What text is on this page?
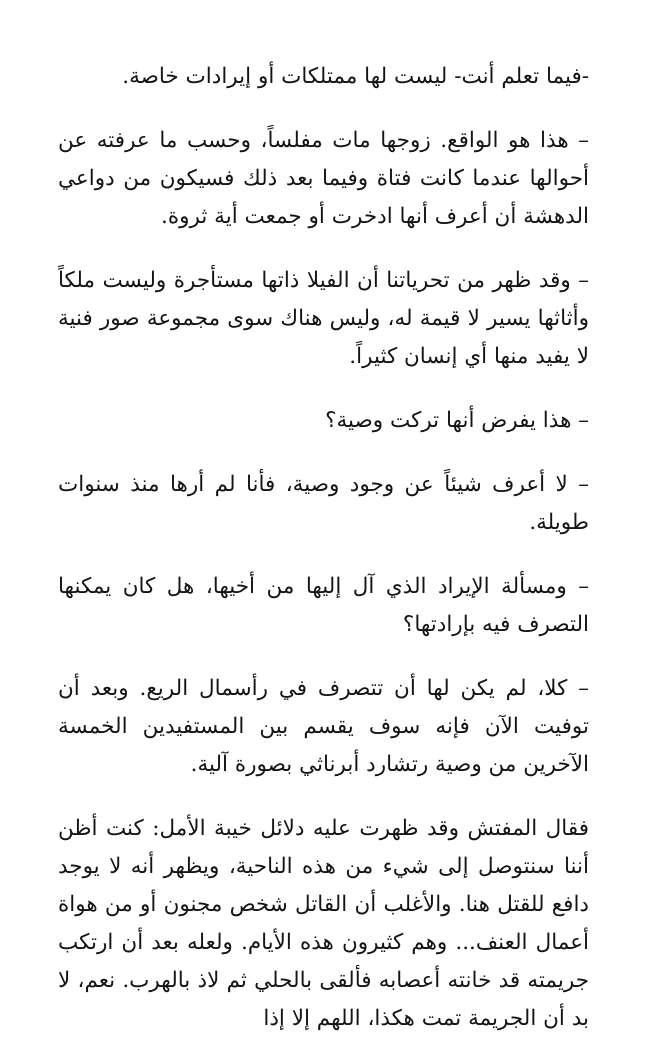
-فيما تعلم أنت- ليست لها ممتلكات أو إيرادات خاصة.

– هذا هو الواقع. زوجها مات مفلساً، وحسب ما عرفته عن أحوالها عندما كانت فتاة وفيما بعد ذلك فسيكون من دواعي الدهشة أن أعرف أنها ادخرت أو جمعت أية ثروة.

– وقد ظهر من تحرياتنا أن الفيلا ذاتها مستأجرة وليست ملكاً وأثاثها يسير لا قيمة له، وليس هناك سوى مجموعة صور فنية لا يفيد منها أي إنسان كثيراً.

– هذا يفرض أنها تركت وصية؟

– لا أعرف شيئاً عن وجود وصية، فأنا لم أرها منذ سنوات طويلة.

– ومسألة الإيراد الذي آل إليها من أخيها، هل كان يمكنها التصرف فيه بإرادتها؟

– كلا، لم يكن لها أن تتصرف في رأسمال الريع. وبعد أن توفيت الآن فإنه سوف يقسم بين المستفيدين الخمسة الآخرين من وصية رتشارد أبرناثي بصورة آلية.

فقال المفتش وقد ظهرت عليه دلائل خيبة الأمل: كنت أظن أننا سنتوصل إلى شيء من هذه الناحية، ويظهر أنه لا يوجد دافع للقتل هنا. والأغلب أن القاتل شخص مجنون أو من هواة أعمال العنف... وهم كثيرون هذه الأيام. ولعله بعد أن ارتكب جريمته قد خانته أعصابه فألقى بالحلي ثم لاذ بالهرب. نعم، لا بد أن الجريمة تمت هكذا، اللهم إلا إذا
